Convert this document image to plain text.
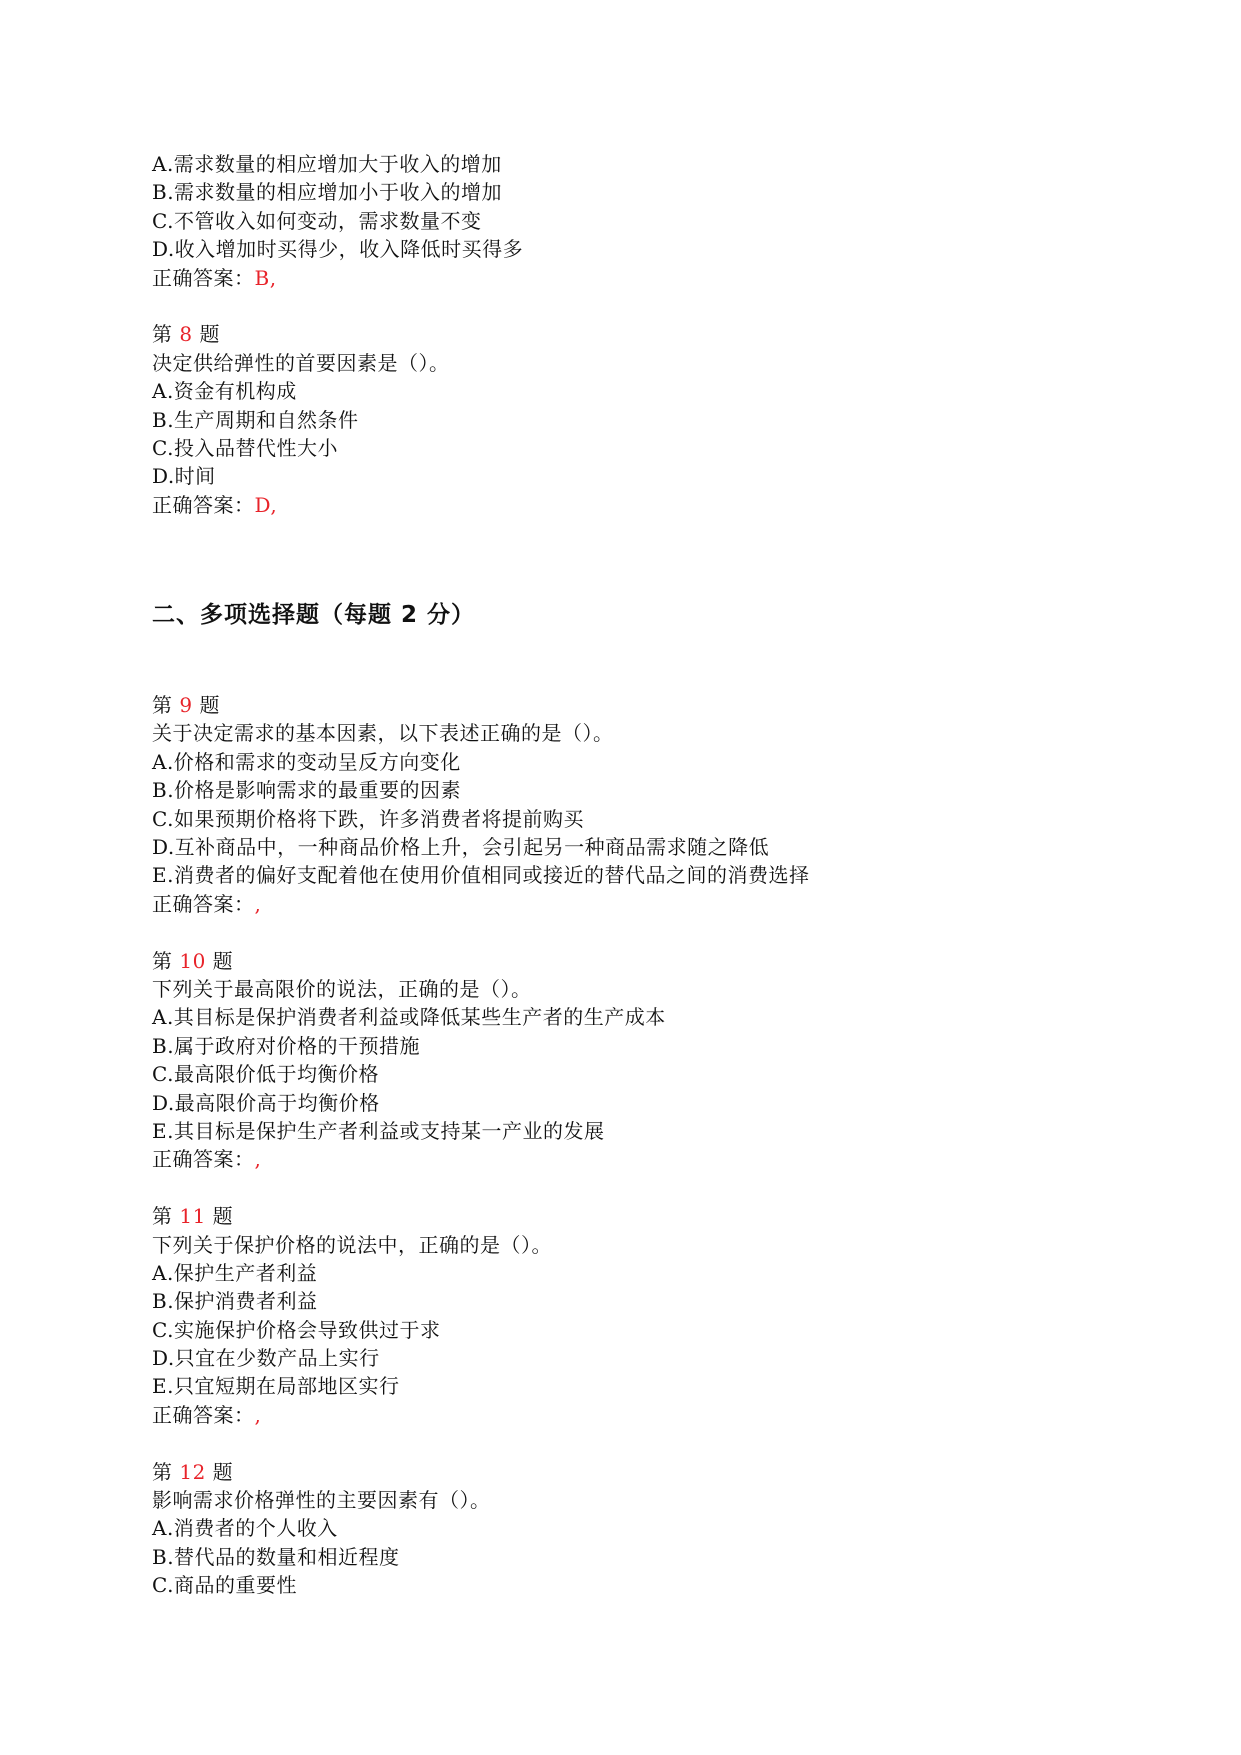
A.需求数量的相应增加大于收入的增加
B.需求数量的相应增加小于收入的增加
C.不管收入如何变动，需求数量不变
D.收入增加时买得少，收入降低时买得多
正确答案：B,
第 8 题
决定供给弹性的首要因素是（）。
A.资金有机构成
B.生产周期和自然条件
C.投入品替代性大小
D.时间
正确答案：D,
二、多项选择题（每题 2 分）
第 9 题
关于决定需求的基本因素，以下表述正确的是（）。
A.价格和需求的变动呈反方向变化
B.价格是影响需求的最重要的因素
C.如果预期价格将下跌，许多消费者将提前购买
D.互补商品中，一种商品价格上升，会引起另一种商品需求随之降低
E.消费者的偏好支配着他在使用价值相同或接近的替代品之间的消费选择
正确答案：,
第 10 题
下列关于最高限价的说法，正确的是（）。
A.其目标是保护消费者利益或降低某些生产者的生产成本
B.属于政府对价格的干预措施
C.最高限价低于均衡价格
D.最高限价高于均衡价格
E.其目标是保护生产者利益或支持某一产业的发展
正确答案：,
第 11 题
下列关于保护价格的说法中，正确的是（）。
A.保护生产者利益
B.保护消费者利益
C.实施保护价格会导致供过于求
D.只宜在少数产品上实行
E.只宜短期在局部地区实行
正确答案：,
第 12 题
影响需求价格弹性的主要因素有（）。
A.消费者的个人收入
B.替代品的数量和相近程度
C.商品的重要性
